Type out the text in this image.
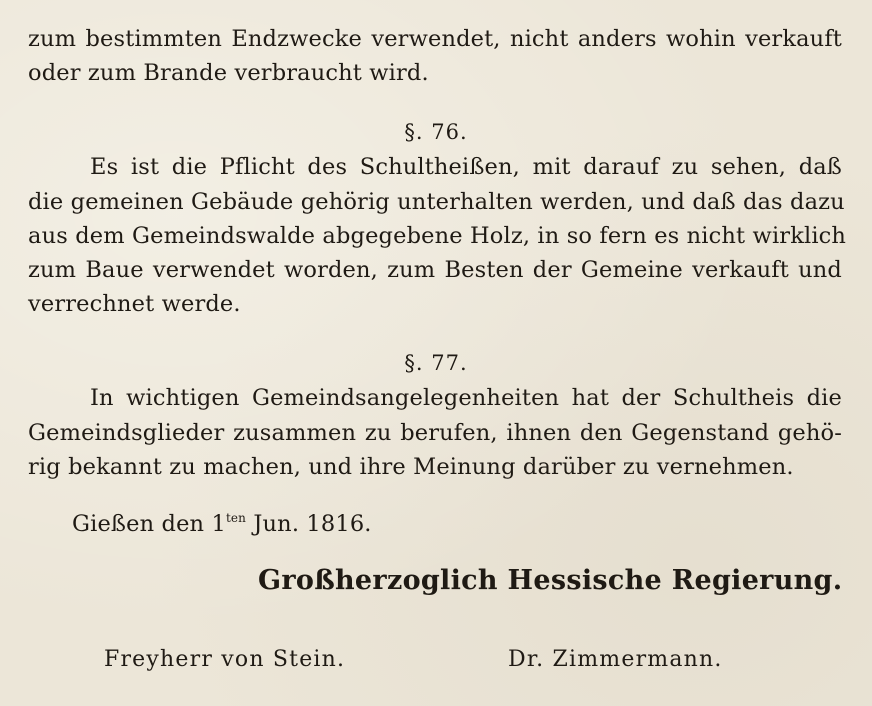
zum bestimmten Endzwecke verwendet, nicht anders wohin verkauft
oder zum Brande verbraucht wird.
§. 76.
Es ist die Pflicht des Schultheißen, mit darauf zu sehen, daß
die gemeinen Gebäude gehörig unterhalten werden, und daß das dazu
aus dem Gemeindswalde abgegebene Holz, in so fern es nicht wirklich
zum Baue verwendet worden, zum Besten der Gemeine verkauft und
verrechnet werde.
§. 77.
In wichtigen Gemeindsangelegenheiten hat der Schultheis die
Gemeindsglieder zusammen zu berufen, ihnen den Gegenstand gehö-
rig bekannt zu machen, und ihre Meinung darüber zu vernehmen.
Gießen den $1^{ten}$ Jun. 1816.
Großherzoglich Hessische Regierung.
Freyherr von Stein.	Dr. Zimmermann.
